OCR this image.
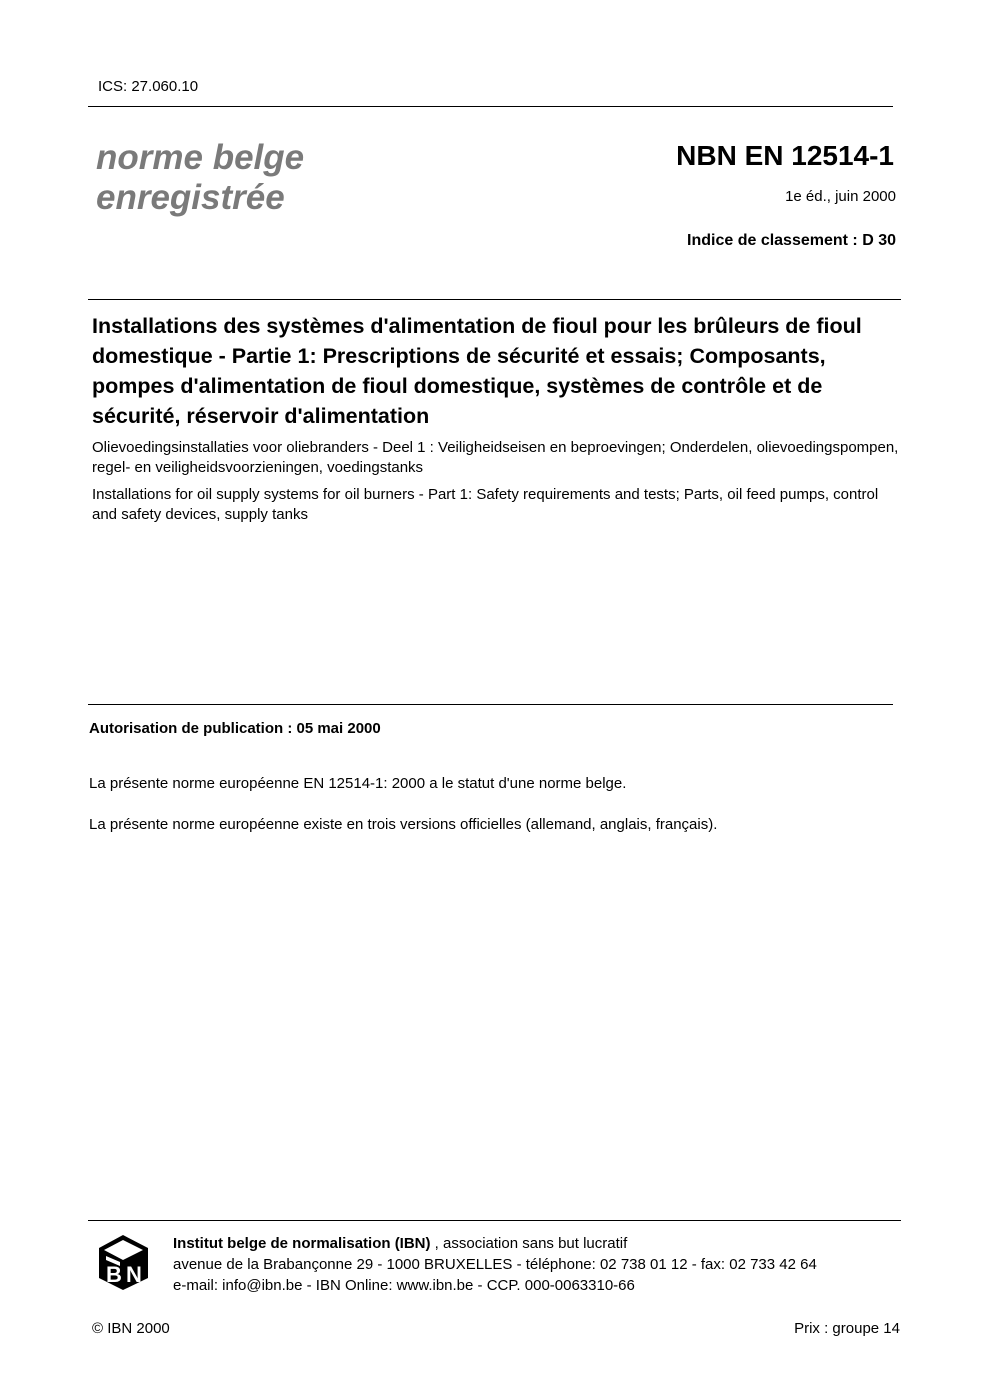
ICS: 27.060.10
norme belge
enregistrée
NBN EN 12514-1
1e éd., juin 2000
Indice de classement : D 30
Installations des systèmes d'alimentation de fioul pour les brûleurs de fioul domestique - Partie 1: Prescriptions de sécurité et essais; Composants, pompes d'alimentation de fioul domestique, systèmes de contrôle et de sécurité, réservoir d'alimentation
Olievoedingsinstallaties voor oliebranders - Deel 1 : Veiligheidseisen en beproevingen; Onderdelen, olievoedingspompen, regel- en veiligheidsvoorzieningen, voedingstanks
Installations for oil supply systems for oil burners - Part 1: Safety requirements and tests; Parts, oil feed pumps, control and safety devices, supply tanks
Autorisation de publication : 05 mai 2000
La présente norme européenne EN 12514-1: 2000 a le statut d'une norme belge.
La présente norme européenne existe en trois versions officielles (allemand, anglais, français).
B N
Institut belge de normalisation (IBN) , association sans but lucratif
avenue de la Brabançonne 29 - 1000 BRUXELLES - téléphone: 02 738 01 12 - fax: 02 733 42 64
e-mail: info@ibn.be - IBN Online: www.ibn.be - CCP. 000-0063310-66
© IBN 2000	Prix : groupe 14
